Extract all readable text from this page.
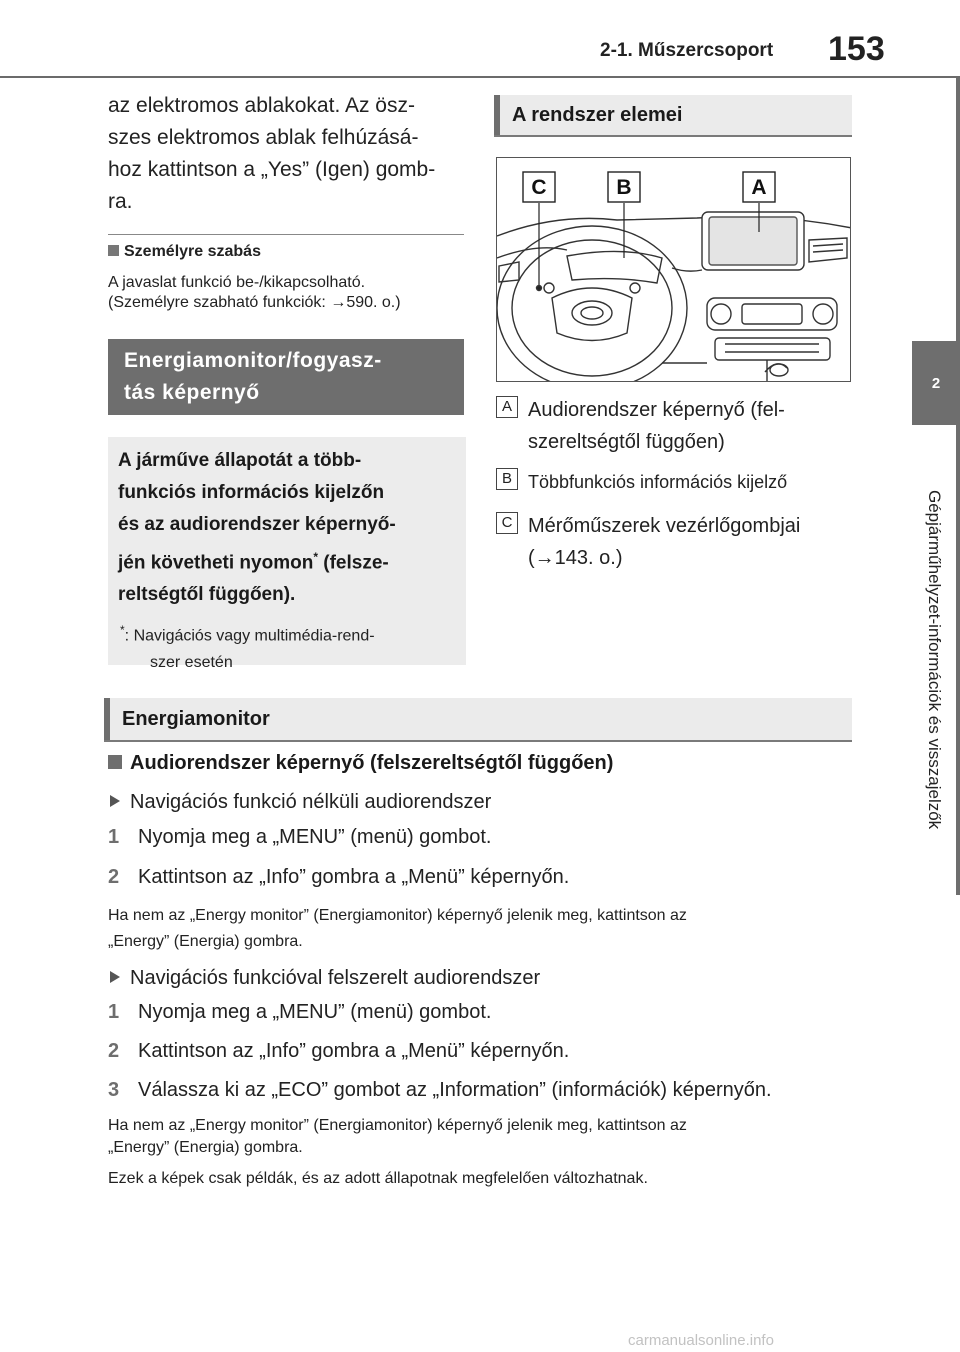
2-1. Műszercsoport 153
2
Gépjárműhelyzet-információk és visszajelzők
az elektromos ablakokat. Az ösz-
szes elektromos ablak felhúzásá-
hoz kattintson a „Yes” (Igen) gomb-
ra.
Személyre szabás
A javaslat funkció be-/kikapcsolható.
(Személyre szabható funkciók: →590. o.)
Energiamonitor/fogyasz-
tás képernyő
A járműve állapotát a több-
funkciós információs kijelzőn
és az audiorendszer képernyő-
jén követheti nyomon* (felsze-
reltségtől függően).
*: Navigációs vagy multimédia-rend-
szer esetén
A rendszer elemei
C	B	A
A Audiorendszer képernyő (fel-
szereltségtől függően)
B Többfunkciós információs kijelző
C Mérőműszerek vezérlőgombjai
(→143. o.)
Energiamonitor
Audiorendszer képernyő (felszereltségtől függően)
Navigációs funkció nélküli audiorendszer
1 Nyomja meg a „MENU” (menü) gombot.
2 Kattintson az „Info” gombra a „Menü” képernyőn.
Ha nem az „Energy monitor” (Energiamonitor) képernyő jelenik meg, kattintson az
„Energy” (Energia) gombra.
Navigációs funkcióval felszerelt audiorendszer
1 Nyomja meg a „MENU” (menü) gombot.
2 Kattintson az „Info” gombra a „Menü” képernyőn.
3 Válassza ki az „ECO” gombot az „Information” (információk) képernyőn.
Ha nem az „Energy monitor” (Energiamonitor) képernyő jelenik meg, kattintson az
„Energy” (Energia) gombra.
Ezek a képek csak példák, és az adott állapotnak megfelelően változhatnak.
carmanualsonline.info
